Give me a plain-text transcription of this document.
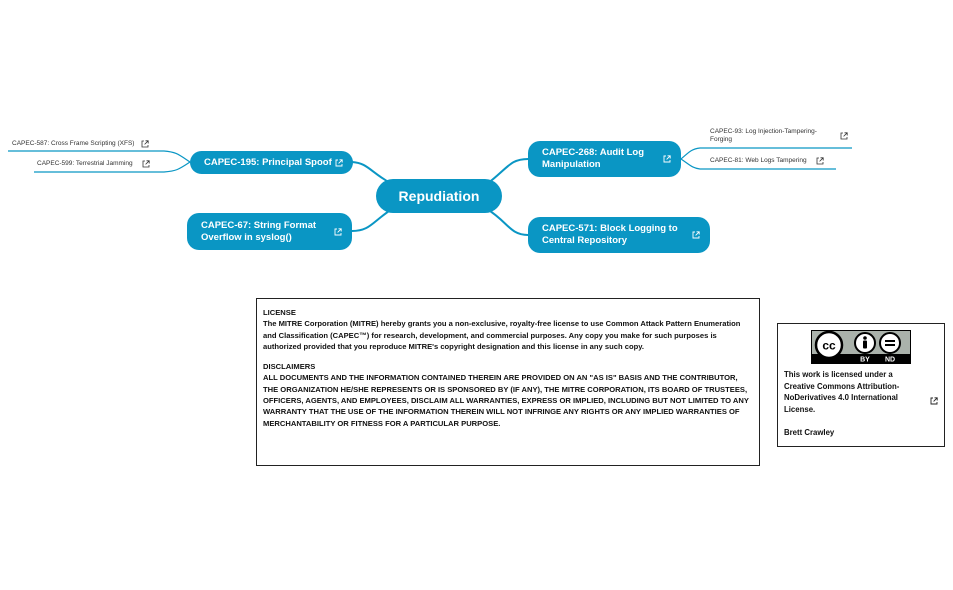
Repudiation
CAPEC-195: Principal Spoof
CAPEC-67: String Format Overflow in syslog()
CAPEC-268: Audit Log Manipulation
CAPEC-571: Block Logging to Central Repository
CAPEC-587: Cross Frame Scripting (XFS)
CAPEC-599: Terrestrial Jamming
CAPEC-93: Log Injection-Tampering-Forging
CAPEC-81: Web Logs Tampering

LICENSE

The MITRE Corporation (MITRE) hereby grants you a non-exclusive, royalty-free license to use Common Attack Pattern Enumeration and Classification (CAPEC™) for research, development, and commercial purposes. Any copy you make for such purposes is authorized provided that you reproduce MITRE's copyright designation and this license in any such copy.

DISCLAIMERS

ALL DOCUMENTS AND THE INFORMATION CONTAINED THEREIN ARE PROVIDED ON AN "AS IS" BASIS AND THE CONTRIBUTOR, THE ORGANIZATION HE/SHE REPRESENTS OR IS SPONSORED BY (IF ANY), THE MITRE CORPORATION, ITS BOARD OF TRUSTEES, OFFICERS, AGENTS, AND EMPLOYEES, DISCLAIM ALL WARRANTIES, EXPRESS OR IMPLIED, INCLUDING BUT NOT LIMITED TO ANY WARRANTY THAT THE USE OF THE INFORMATION THEREIN WILL NOT INFRINGE ANY RIGHTS OR ANY IMPLIED WARRANTIES OF MERCHANTABILITY OR FITNESS FOR A PARTICULAR PURPOSE.

cc
BY ND
This work is licensed under a Creative Commons Attribution-NoDerivatives 4.0 International License.
Brett Crawley
